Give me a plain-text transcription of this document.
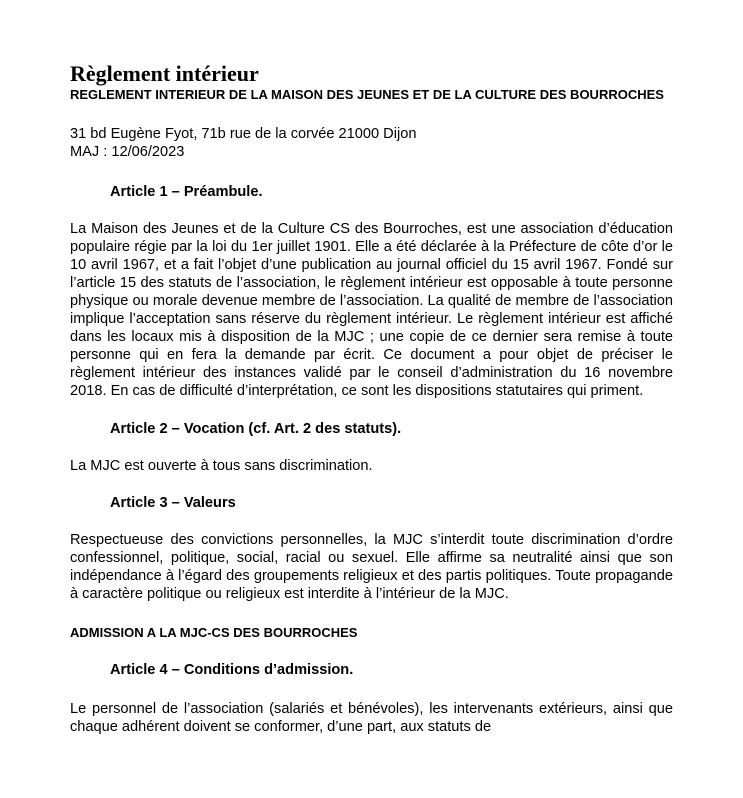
Règlement intérieur

REGLEMENT INTERIEUR DE LA MAISON DES JEUNES ET DE LA CULTURE DES BOURROCHES

31 bd Eugène Fyot, 71b rue de la corvée 21000 Dijon
MAJ : 12/06/2023

Article 1 – Préambule.

La Maison des Jeunes et de la Culture CS des Bourroches, est une association d’éducation populaire régie par la loi du 1er juillet 1901. Elle a été déclarée à la Préfecture de côte d’or le 10 avril 1967, et a fait l’objet d’une publication au journal officiel du 15 avril 1967. Fondé sur l’article 15 des statuts de l’association, le règlement intérieur est opposable à toute personne physique ou morale devenue membre de l’association. La qualité de membre de l’association implique l’acceptation sans réserve du règlement intérieur. Le règlement intérieur est affiché dans les locaux mis à disposition de la MJC ; une copie de ce dernier sera remise à toute personne qui en fera la demande par écrit. Ce document a pour objet de préciser le règlement intérieur des instances validé par le conseil d’administration du 16 novembre 2018. En cas de difficulté d’interprétation, ce sont les dispositions statutaires qui priment.

Article 2 – Vocation (cf. Art. 2 des statuts).

La MJC est ouverte à tous sans discrimination.

Article 3 – Valeurs

Respectueuse des convictions personnelles, la MJC s’interdit toute discrimination d’ordre confessionnel, politique, social, racial ou sexuel. Elle affirme sa neutralité ainsi que son indépendance à l’égard des groupements religieux et des partis politiques. Toute propagande à caractère politique ou religieux est interdite à l’intérieur de la MJC.

ADMISSION A LA MJC-CS DES BOURROCHES

Article 4 – Conditions d’admission.

Le personnel de l’association (salariés et bénévoles), les intervenants extérieurs, ainsi que chaque adhérent doivent se conformer, d’une part, aux statuts de
